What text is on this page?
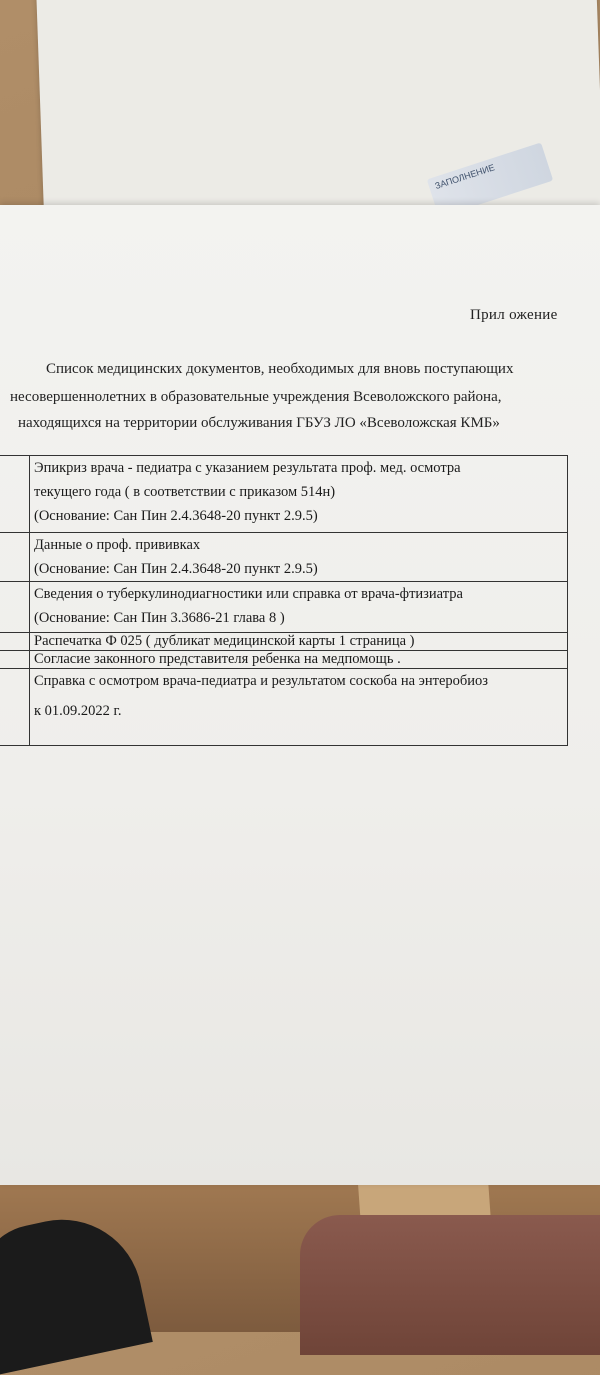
ЗАПОЛНЕНИЕ
Прил ожение
Список медицинских документов, необходимых для вновь поступающих
несовершеннолетних в образовательные учреждения Всеволожского района,
находящихся на территории обслуживания ГБУЗ ЛО «Всеволожская КМБ»

	Эпикриз врача - педиатра с указанием результата проф. мед. осмотра
текущего года ( в соответствии с приказом 514н)
(Основание: Сан Пин 2.4.3648-20 пункт 2.9.5)

	Данные о проф. прививках
(Основание: Сан Пин 2.4.3648-20 пункт 2.9.5)

	Сведения о туберкулинодиагностики или справка от врача-фтизиатра
(Основание: Сан Пин 3.3686-21 глава 8 )

	Распечатка Ф 025 ( дубликат медицинской карты 1 страница )

	Согласие законного представителя ребенка на медпомощь .

	Справка с осмотром врача-педиатра и результатом соскоба на энтеробиоз
к 01.09.2022 г.
